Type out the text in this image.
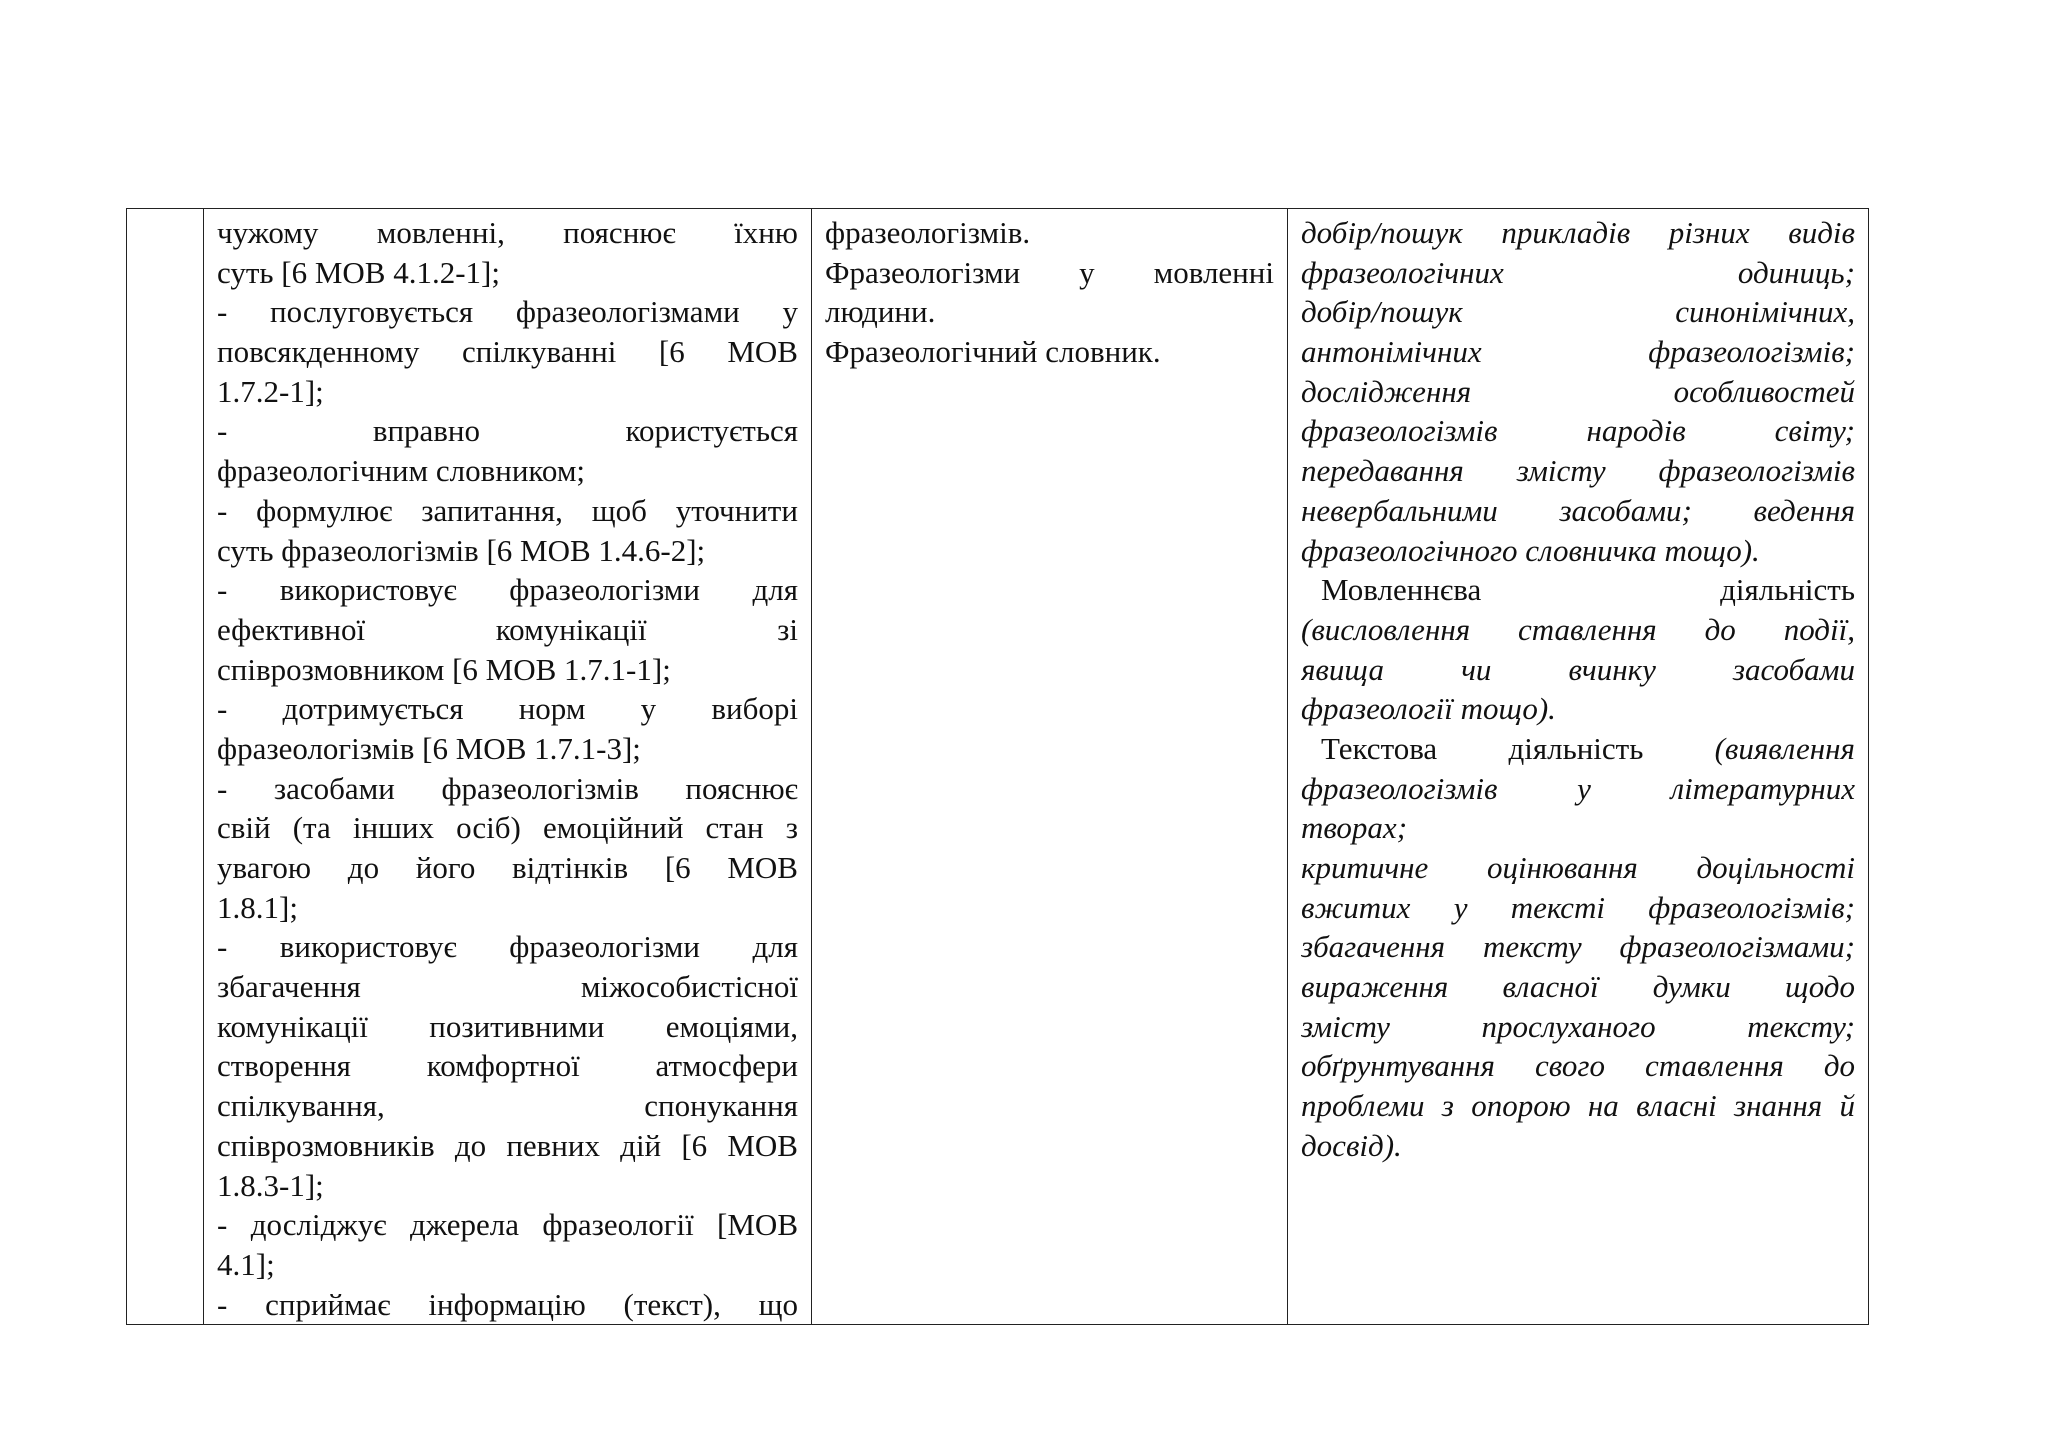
чужому мовленні, пояснює їхню
суть [6 МОВ 4.1.2-1];
- послуговується фразеологізмами у
повсякденному спілкуванні [6 МОВ
1.7.2-1];
-	вправно	користується
фразеологічним словником;
- формулює запитання, щоб уточнити
суть фразеологізмів [6 МОВ 1.4.6-2];
- використовує фразеологізми для
ефективної	комунікації	зі
співрозмовником [6 МОВ 1.7.1-1];
- дотримується норм у виборі
фразеологізмів [6 МОВ 1.7.1-3];
- засобами фразеологізмів пояснює
свій (та інших осіб) емоційний стан з
увагою до його відтінків [6 МОВ
1.8.1];
- використовує фразеологізми для
збагачення	міжособистісної
комунікації позитивними емоціями,
створення комфортної атмосфери
спілкування,	спонукання
співрозмовників до певних дій [6 МОВ
1.8.3-1];
- досліджує джерела фразеології [МОВ
4.1];
- сприймає інформацію (текст), що

фразеологізмів.
Фразеологізми у мовленні
людини.
Фразеологічний словник.

добір/пошук прикладів різних видів
фразеологічних	одиниць;
добір/пошук	синонімічних,
антонімічних	фразеологізмів;
дослідження	особливостей
фразеологізмів	народів	світу;
передавання змісту фразеологізмів
невербальними засобами; ведення
фразеологічного словничка тощо).
Мовленнєва	діяльність
(висловлення ставлення до події,
явища чи вчинку засобами
фразеології тощо).
Текстова діяльність (виявлення
фразеологізмів	у	літературних
творах;
критичне оцінювання доцільності
вжитих у тексті фразеологізмів;
збагачення тексту фразеологізмами;
вираження власної думки щодо
змісту	прослуханого	тексту;
обґрунтування свого ставлення до
проблеми з опорою на власні знання й
досвід).
